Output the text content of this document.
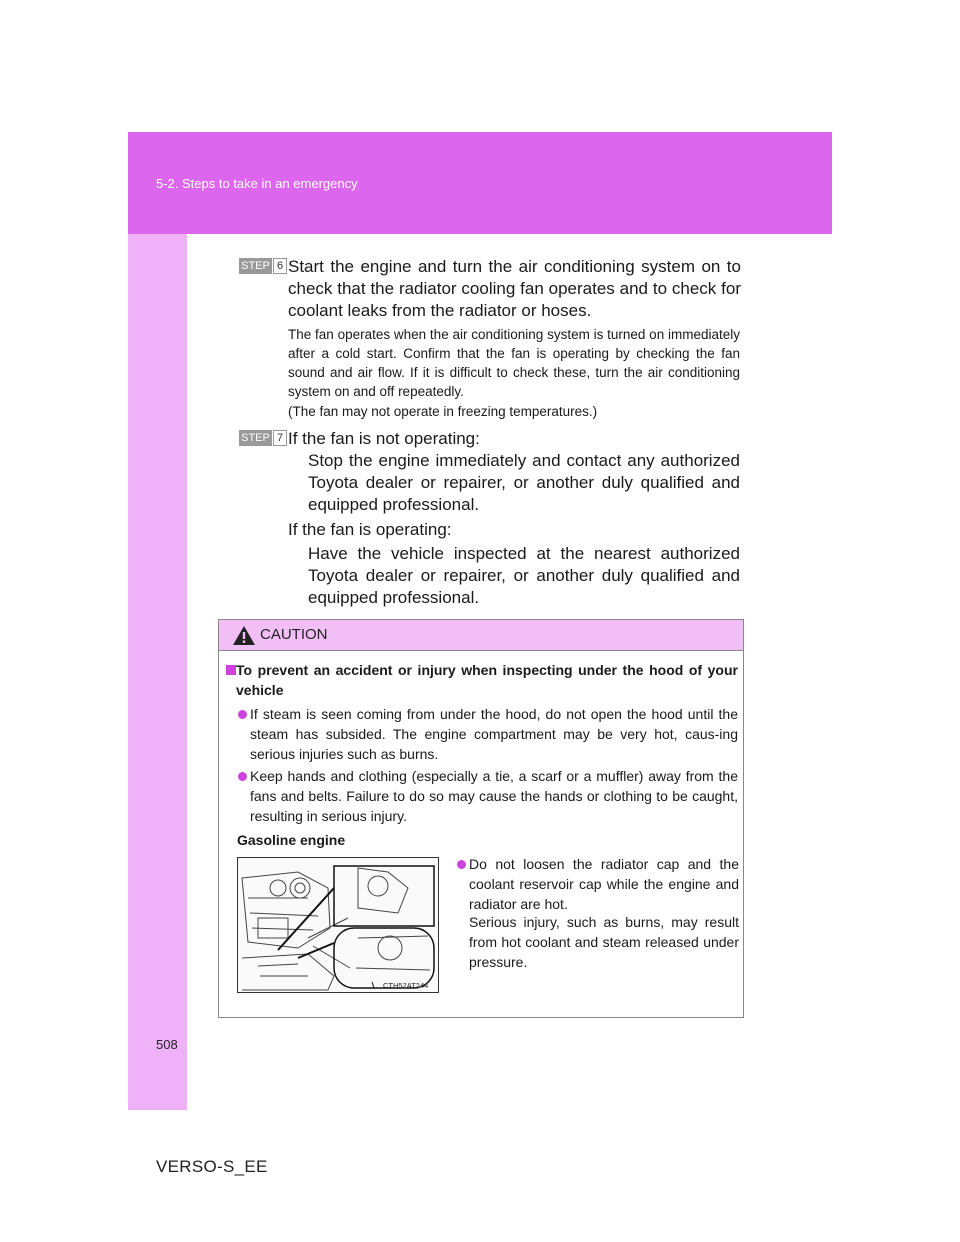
5-2. Steps to take in an emergency
STEP 6 Start the engine and turn the air conditioning system on to check that the radiator cooling fan operates and to check for coolant leaks from the radiator or hoses.
The fan operates when the air conditioning system is turned on immediately after a cold start. Confirm that the fan is operating by checking the fan sound and air flow. If it is difficult to check these, turn the air conditioning system on and off repeatedly.
(The fan may not operate in freezing temperatures.)
STEP 7 If the fan is not operating:
Stop the engine immediately and contact any authorized Toyota dealer or repairer, or another duly qualified and equipped professional.
If the fan is operating:
Have the vehicle inspected at the nearest authorized Toyota dealer or repairer, or another duly qualified and equipped professional.
CAUTION
To prevent an accident or injury when inspecting under the hood of your vehicle
If steam is seen coming from under the hood, do not open the hood until the steam has subsided. The engine compartment may be very hot, caus-ing serious injuries such as burns.
Keep hands and clothing (especially a tie, a scarf or a muffler) away from the fans and belts. Failure to do so may cause the hands or clothing to be caught, resulting in serious injury.
Gasoline engine
CTH52AT244
Do not loosen the radiator cap and the coolant reservoir cap while the engine and radiator are hot.
Serious injury, such as burns, may result from hot coolant and steam released under pressure.
508
VERSO-S_EE
